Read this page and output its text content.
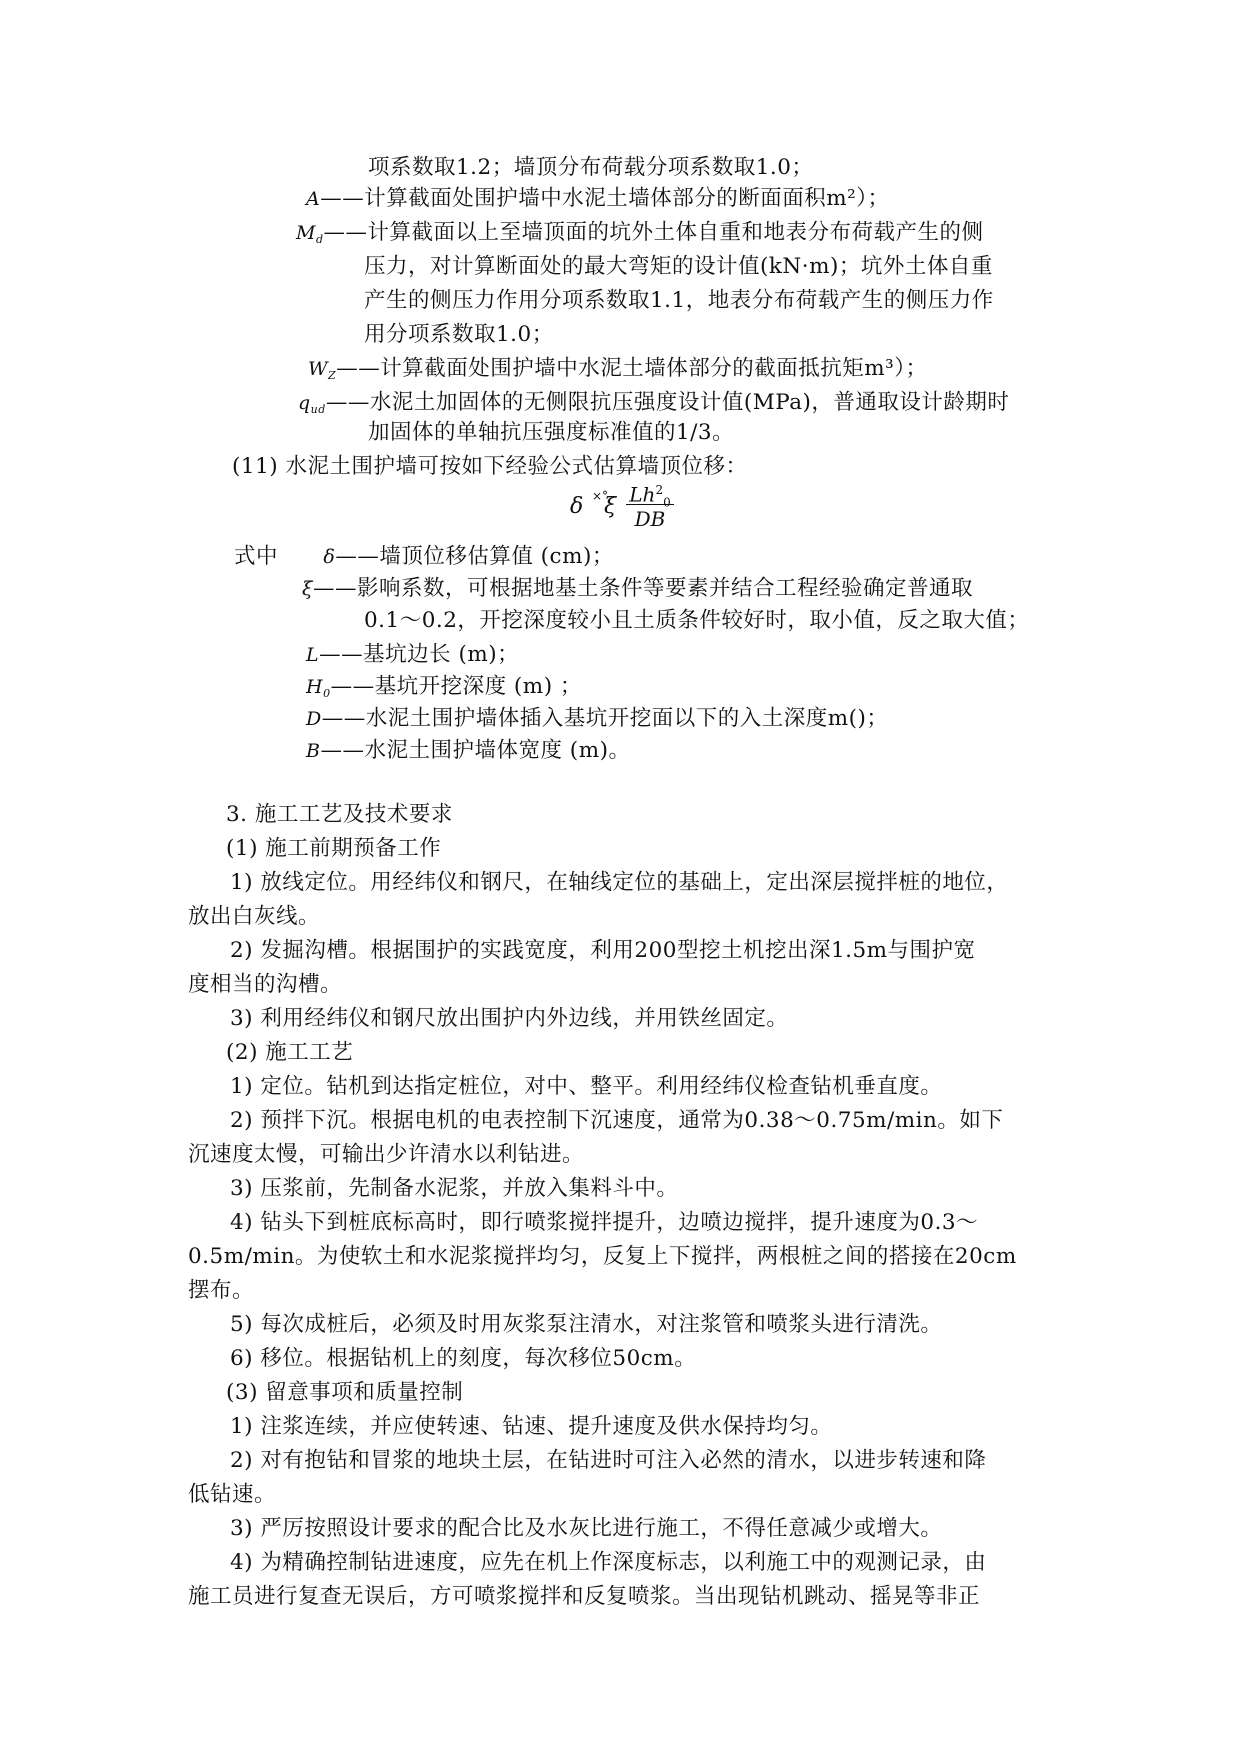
项系数取1.2；墙顶分布荷载分项系数取1.0；
A——计算截面处围护墙中水泥土墙体部分的断面面积m²）；
$M_d——$计算截面以上至墙顶面的坑外土体自重和地表分布荷载产生的侧
压力，对计算断面处的最大弯矩的设计值(kN·m)；坑外土体自重
产生的侧压力作用分项系数取1.1，地表分布荷载产生的侧压力作
用分项系数取1.0；
$W_Z——$计算截面处围护墙中水泥土墙体部分的截面抵抗矩m³）；
$q_{ud}——$水泥土加固体的无侧限抗压强度设计值(MPa)，普通取设计龄期时
加固体的单轴抗压强度标准值的1/3。
(11) 水泥土围护墙可按如下经验公式估算墙顶位移：
δ ×°
ξ $Lh^2_0$
DB
式中 δ——墙顶位移估算值 (cm)；
ξ——影响系数，可根据地基土条件等要素并结合工程经验确定普通取
0.1～0.2，开挖深度较小且土质条件较好时，取小值，反之取大值；
L——基坑边长 (m)；
$H_0——$基坑开挖深度 (m) ；
D——水泥土围护墙体插入基坑开挖面以下的入土深度m()；
B——水泥土围护墙体宽度 (m)。
3. 施工工艺及技术要求
(1) 施工前期预备工作
1) 放线定位。用经纬仪和钢尺，在轴线定位的基础上，定出深层搅拌桩的地位，
放出白灰线。
2) 发掘沟槽。根据围护的实践宽度，利用200型挖土机挖出深1.5m与围护宽
度相当的沟槽。
3) 利用经纬仪和钢尺放出围护内外边线，并用铁丝固定。
(2) 施工工艺
1) 定位。钻机到达指定桩位，对中、整平。利用经纬仪检查钻机垂直度。
2) 预拌下沉。根据电机的电表控制下沉速度，通常为0.38～0.75m/min。如下
沉速度太慢，可输出少许清水以利钻进。
3) 压浆前，先制备水泥浆，并放入集料斗中。
4) 钻头下到桩底标高时，即行喷浆搅拌提升，边喷边搅拌，提升速度为0.3～
0.5m/min。为使软土和水泥浆搅拌均匀，反复上下搅拌，两根桩之间的搭接在20cm
摆布。
5) 每次成桩后，必须及时用灰浆泵注清水，对注浆管和喷浆头进行清洗。
6) 移位。根据钻机上的刻度，每次移位50cm。
(3) 留意事项和质量控制
1) 注浆连续，并应使转速、钻速、提升速度及供水保持均匀。
2) 对有抱钻和冒浆的地块土层，在钻进时可注入必然的清水，以进步转速和降
低钻速。
3) 严厉按照设计要求的配合比及水灰比进行施工，不得任意减少或增大。
4) 为精确控制钻进速度，应先在机上作深度标志，以利施工中的观测记录，由
施工员进行复查无误后，方可喷浆搅拌和反复喷浆。当出现钻机跳动、摇晃等非正
